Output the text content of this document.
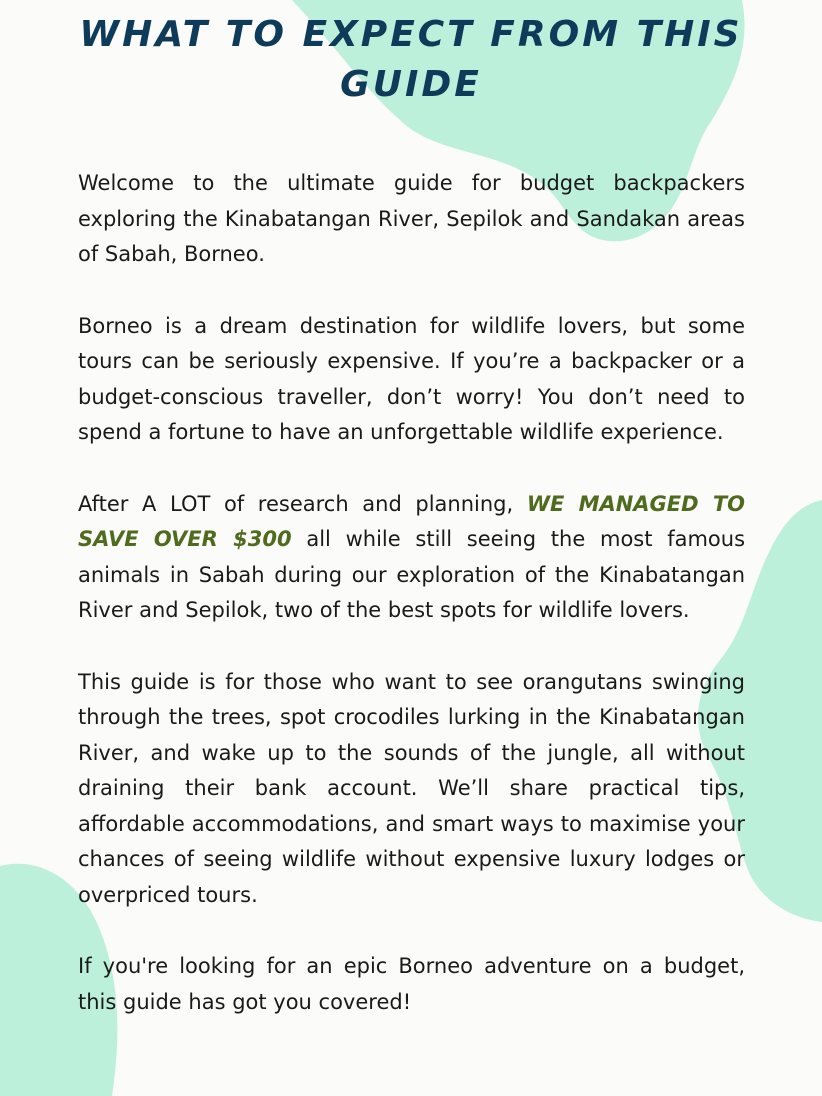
WHAT TO EXPECT FROM THIS GUIDE

Welcome to the ultimate guide for budget backpackers exploring the Kinabatangan River, Sepilok and Sandakan areas of Sabah, Borneo.

Borneo is a dream destination for wildlife lovers, but some tours can be seriously expensive. If you’re a backpacker or a budget-conscious traveller, don’t worry! You don’t need to spend a fortune to have an unforgettable wildlife experience.

After A LOT of research and planning, WE MANAGED TO SAVE OVER $300 all while still seeing the most famous animals in Sabah during our exploration of the Kinabatangan River and Sepilok, two of the best spots for wildlife lovers.

This guide is for those who want to see orangutans swinging through the trees, spot crocodiles lurking in the Kinabatangan River, and wake up to the sounds of the jungle, all without draining their bank account. We’ll share practical tips, affordable accommodations, and smart ways to maximise your chances of seeing wildlife without expensive luxury lodges or overpriced tours.

If you're looking for an epic Borneo adventure on a budget, this guide has got you covered!
